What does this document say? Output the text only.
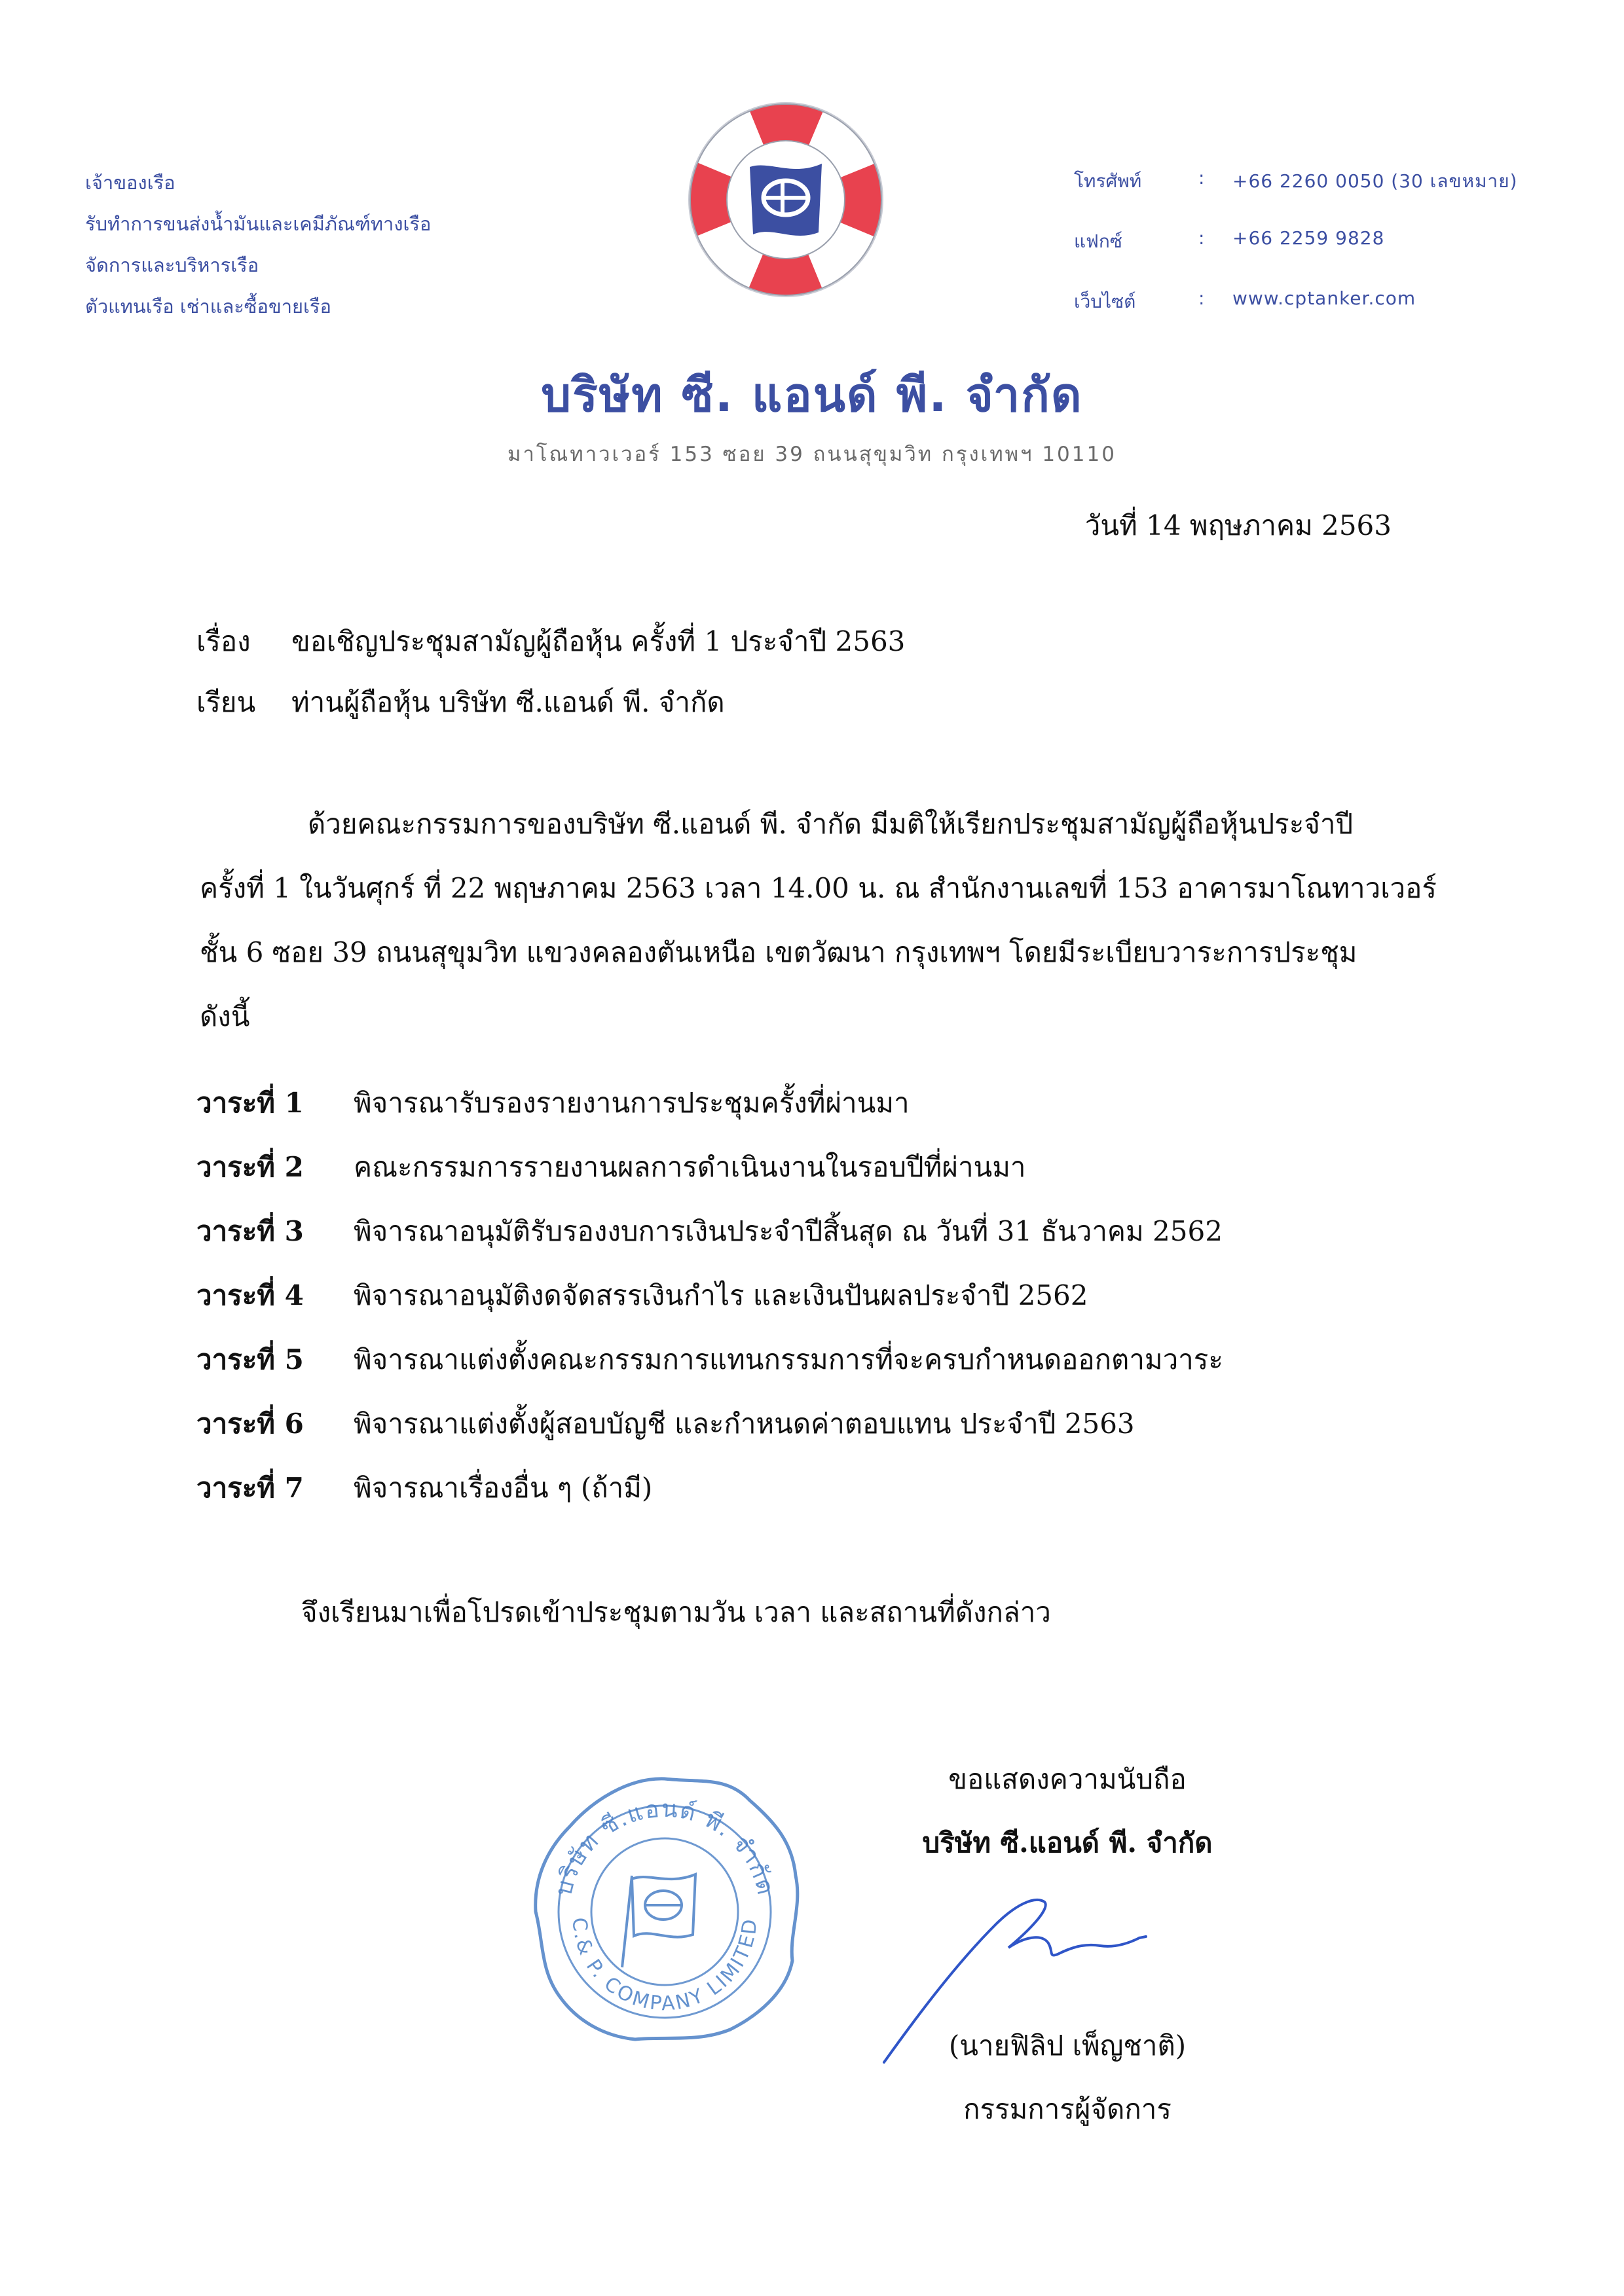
เจ้าของเรือ
รับทำการขนส่งน้ำมันและเคมีภัณฑ์ทางเรือ
จัดการและบริหารเรือ
ตัวแทนเรือ เช่าและซื้อขายเรือ
โทรศัพท์	:	+66 2260 0050 (30 เลขหมาย)
แฟกซ์	:	+66 2259 9828
เว็บไซต์	:	www.cptanker.com
บริษัท ซี. แอนด์ พี. จำกัด
มาโณทาวเวอร์ 153 ซอย 39 ถนนสุขุมวิท กรุงเทพฯ 10110
วันที่ 14 พฤษภาคม 2563
เรื่อง ขอเชิญประชุมสามัญผู้ถือหุ้น ครั้งที่ 1 ประจำปี 2563
เรียน ท่านผู้ถือหุ้น บริษัท ซี.แอนด์ พี. จำกัด
ด้วยคณะกรรมการของบริษัท ซี.แอนด์ พี. จำกัด มีมติให้เรียกประชุมสามัญผู้ถือหุ้นประจำปี
ครั้งที่ 1 ในวันศุกร์ ที่ 22 พฤษภาคม 2563 เวลา 14.00 น. ณ สำนักงานเลขที่ 153 อาคารมาโณทาวเวอร์
ชั้น 6 ซอย 39 ถนนสุขุมวิท แขวงคลองตันเหนือ เขตวัฒนา กรุงเทพฯ โดยมีระเบียบวาระการประชุม
ดังนี้
วาระที่ 1 พิจารณารับรองรายงานการประชุมครั้งที่ผ่านมา
วาระที่ 2 คณะกรรมการรายงานผลการดำเนินงานในรอบปีที่ผ่านมา
วาระที่ 3 พิจารณาอนุมัติรับรองงบการเงินประจำปีสิ้นสุด ณ วันที่ 31 ธันวาคม 2562
วาระที่ 4 พิจารณาอนุมัติงดจัดสรรเงินกำไร และเงินปันผลประจำปี 2562
วาระที่ 5 พิจารณาแต่งตั้งคณะกรรมการแทนกรรมการที่จะครบกำหนดออกตามวาระ
วาระที่ 6 พิจารณาแต่งตั้งผู้สอบบัญชี และกำหนดค่าตอบแทน ประจำปี 2563
วาระที่ 7 พิจารณาเรื่องอื่น ๆ (ถ้ามี)
จึงเรียนมาเพื่อโปรดเข้าประชุมตามวัน เวลา และสถานที่ดังกล่าว
ขอแสดงความนับถือ
บริษัท ซี.แอนด์ พี. จำกัด
(นายฟิลิป เพ็ญชาติ)
กรรมการผู้จัดการ
บริษัท ซี.แอนด์ พี. จำกัด
C.& P. COMPANY LIMITED
